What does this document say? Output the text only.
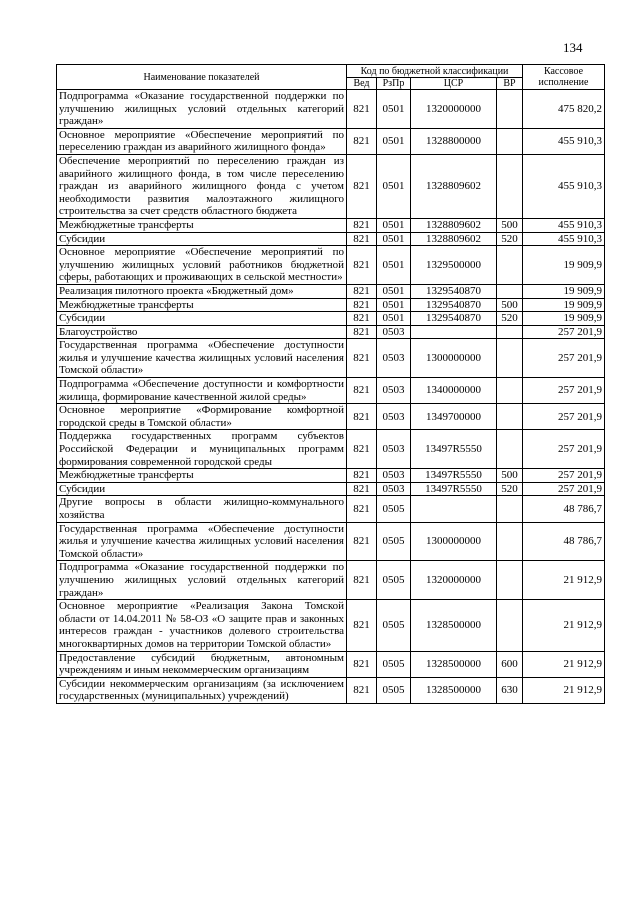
134
Наименование показателей	Код по бюджетной классификации				Кассовое исполнение
	Вед	РзПр	ЦСР	ВР	
Подпрограмма «Оказание государственной поддержки по улучшению жилищных условий отдельных категорий граждан»	821	0501	1320000000		475 820,2
Основное мероприятие «Обеспечение мероприятий по переселению граждан из аварийного жилищного фонда»	821	0501	1328800000		455 910,3
Обеспечение мероприятий по переселению граждан из аварийного жилищного фонда, в том числе переселению граждан из аварийного жилищного фонда с учетом необходимости развития малоэтажного жилищного строительства за счет средств областного бюджета	821	0501	1328809602		455 910,3
Межбюджетные трансферты	821	0501	1328809602	500	455 910,3
Субсидии	821	0501	1328809602	520	455 910,3
Основное мероприятие «Обеспечение мероприятий по улучшению жилищных условий работников бюджетной сферы, работающих и проживающих в сельской местности»	821	0501	1329500000		19 909,9
Реализация пилотного проекта «Бюджетный дом»	821	0501	1329540870		19 909,9
Межбюджетные трансферты	821	0501	1329540870	500	19 909,9
Субсидии	821	0501	1329540870	520	19 909,9
Благоустройство	821	0503			257 201,9
Государственная программа «Обеспечение доступности жилья и улучшение качества жилищных условий населения Томской области»	821	0503	1300000000		257 201,9
Подпрограмма «Обеспечение доступности и комфортности жилища, формирование качественной жилой среды»	821	0503	1340000000		257 201,9
Основное мероприятие «Формирование комфортной городской среды в Томской области»	821	0503	1349700000		257 201,9
Поддержка государственных программ субъектов Российской Федерации и муниципальных программ формирования современной городской среды	821	0503	13497R5550		257 201,9
Межбюджетные трансферты	821	0503	13497R5550	500	257 201,9
Субсидии	821	0503	13497R5550	520	257 201,9
Другие вопросы в области жилищно-коммунального хозяйства	821	0505			48 786,7
Государственная программа «Обеспечение доступности жилья и улучшение качества жилищных условий населения Томской области»	821	0505	1300000000		48 786,7
Подпрограмма «Оказание государственной поддержки по улучшению жилищных условий отдельных категорий граждан»	821	0505	1320000000		21 912,9
Основное мероприятие «Реализация Закона Томской области от 14.04.2011 № 58-ОЗ «О защите прав и законных интересов граждан - участников долевого строительства многоквартирных домов на территории Томской области»	821	0505	1328500000		21 912,9
Предоставление субсидий бюджетным, автономным учреждениям и иным некоммерческим организациям	821	0505	1328500000	600	21 912,9
Субсидии некоммерческим организациям (за исключением государственных (муниципальных) учреждений)	821	0505	1328500000	630	21 912,9
